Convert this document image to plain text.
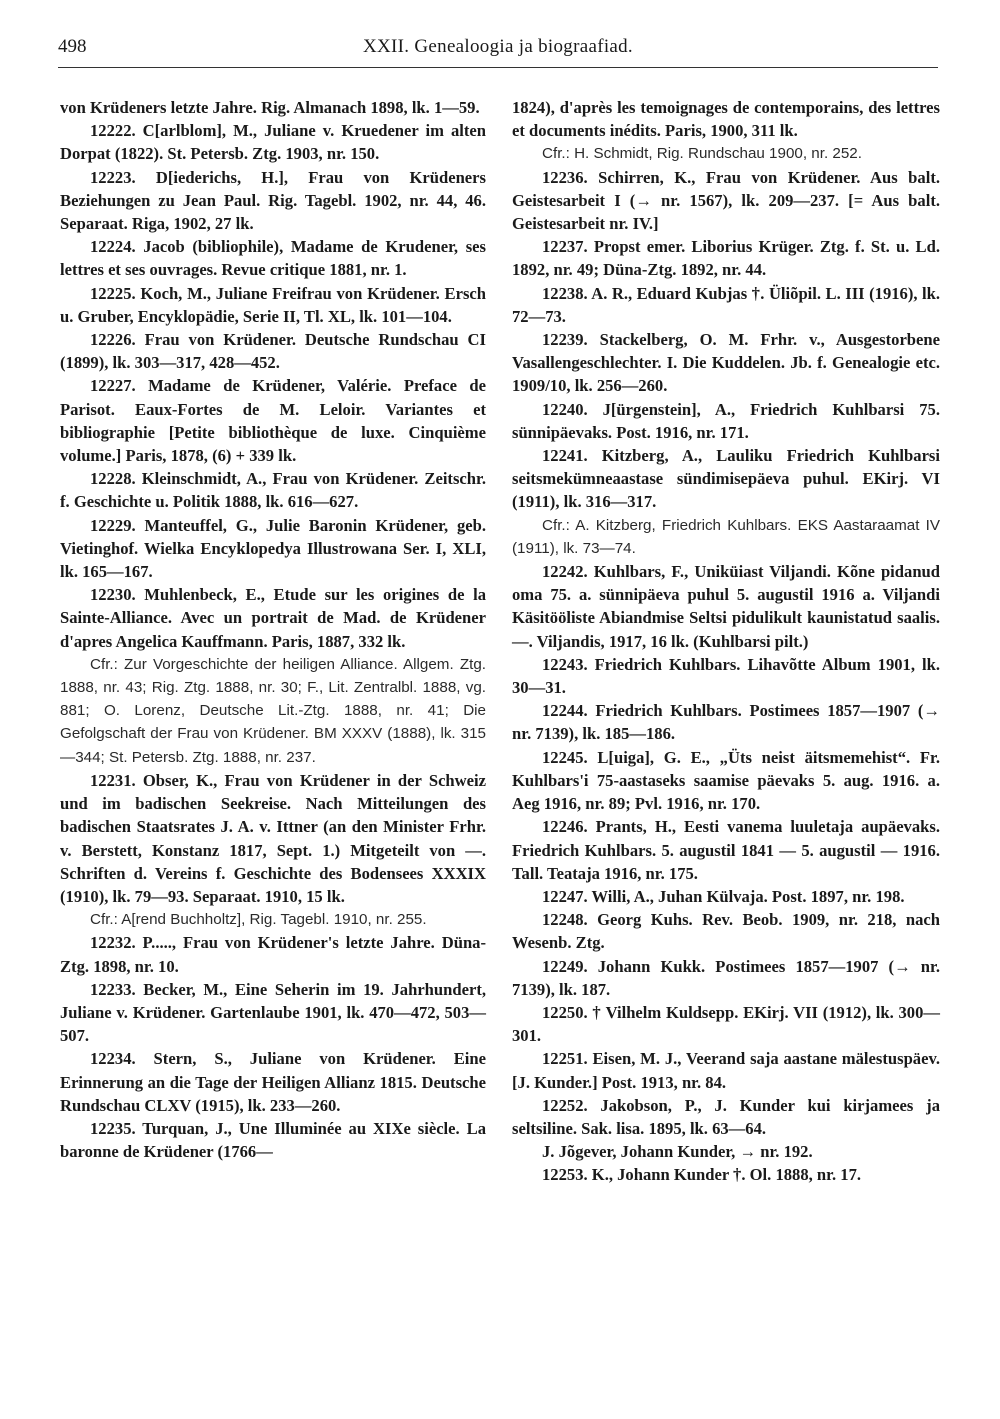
498	XXII. Genealoogia ja biograafiad.

von Krüdeners letzte Jahre. Rig. Almanach 1898, lk. 1—59.

12222. C[arlblom], M., Juliane v. Kruedener im alten Dorpat (1822). St. Petersb. Ztg. 1903, nr. 150.

12223. D[iederichs, H.], Frau von Krüdeners Beziehungen zu Jean Paul. Rig. Tagebl. 1902, nr. 44, 46. Separaat. Riga, 1902, 27 lk.

12224. Jacob (bibliophile), Madame de Krudener, ses lettres et ses ouvrages. Revue critique 1881, nr. 1.

12225. Koch, M., Juliane Freifrau von Krüdener. Ersch u. Gruber, Encyklopädie, Serie II, Tl. XL, lk. 101—104.

12226. Frau von Krüdener. Deutsche Rundschau CI (1899), lk. 303—317, 428—452.

12227. Madame de Krüdener, Valérie. Preface de Parisot. Eaux-Fortes de M. Leloir. Variantes et bibliographie [Petite bibliothèque de luxe. Cinquième volume.] Paris, 1878, (6) + 339 lk.

12228. Kleinschmidt, A., Frau von Krüdener. Zeitschr. f. Geschichte u. Politik 1888, lk. 616—627.

12229. Manteuffel, G., Julie Baronin Krüdener, geb. Vietinghof. Wielka Encyklopedya Illustrowana Ser. I, XLI, lk. 165—167.

12230. Muhlenbeck, E., Etude sur les origines de la Sainte-Alliance. Avec un portrait de Mad. de Krüdener d'apres Angelica Kauffmann. Paris, 1887, 332 lk.

Cfr.: Zur Vorgeschichte der heiligen Alliance. Allgem. Ztg. 1888, nr. 43; Rig. Ztg. 1888, nr. 30; F., Lit. Zentralbl. 1888, vg. 881; O. Lorenz, Deutsche Lit.-Ztg. 1888, nr. 41; Die Gefolgschaft der Frau von Krüdener. BM XXXV (1888), lk. 315—344; St. Petersb. Ztg. 1888, nr. 237.

12231. Obser, K., Frau von Krüdener in der Schweiz und im badischen Seekreise. Nach Mitteilungen des badischen Staatsrates J. A. v. Ittner (an den Minister Frhr. v. Berstett, Konstanz 1817, Sept. 1.) Mitgeteilt von —. Schriften d. Vereins f. Geschichte des Bodensees XXXIX (1910), lk. 79—93. Separaat. 1910, 15 lk.

Cfr.: A[rend Buchholtz], Rig. Tagebl. 1910, nr. 255.

12232. P....., Frau von Krüdener's letzte Jahre. Düna-Ztg. 1898, nr. 10.

12233. Becker, M., Eine Seherin im 19. Jahrhundert, Juliane v. Krüdener. Gartenlaube 1901, lk. 470—472, 503—507.

12234. Stern, S., Juliane von Krüdener. Eine Erinnerung an die Tage der Heiligen Allianz 1815. Deutsche Rundschau CLXV (1915), lk. 233—260.

12235. Turquan, J., Une Illuminée au XIXe siècle. La baronne de Krüdener (1766—

1824), d'après les temoignages de contemporains, des lettres et documents inédits. Paris, 1900, 311 lk.

Cfr.: H. Schmidt, Rig. Rundschau 1900, nr. 252.

12236. Schirren, K., Frau von Krüdener. Aus balt. Geistesarbeit I (→ nr. 1567), lk. 209—237. [= Aus balt. Geistesarbeit nr. IV.]

12237. Propst emer. Liborius Krüger. Ztg. f. St. u. Ld. 1892, nr. 49; Düna-Ztg. 1892, nr. 44.

12238. A. R., Eduard Kubjas †. Üliõpil. L. III (1916), lk. 72—73.

12239. Stackelberg, O. M. Frhr. v., Ausgestorbene Vasallengeschlechter. I. Die Kuddelen. Jb. f. Genealogie etc. 1909/10, lk. 256—260.

12240. J[ürgenstein], A., Friedrich Kuhlbarsi 75. sünnipäevaks. Post. 1916, nr. 171.

12241. Kitzberg, A., Lauliku Friedrich Kuhlbarsi seitsmekümneaastase sündimisepäeva puhul. EKirj. VI (1911), lk. 316—317.

Cfr.: A. Kitzberg, Friedrich Kuhlbars. EKS Aastaraamat IV (1911), lk. 73—74.

12242. Kuhlbars, F., Uniküiast Viljandi. Kõne pidanud oma 75. a. sünnipäeva puhul 5. augustil 1916 a. Viljandi Käsitööliste Abiandmise Seltsi pidulikult kaunistatud saalis. —. Viljandis, 1917, 16 lk. (Kuhlbarsi pilt.)

12243. Friedrich Kuhlbars. Lihavõtte Album 1901, lk. 30—31.

12244. Friedrich Kuhlbars. Postimees 1857—1907 (→ nr. 7139), lk. 185—186.

12245. L[uiga], G. E., „Üts neist äitsmemehist“. Fr. Kuhlbars'i 75-aastaseks saamise päevaks 5. aug. 1916. a. Aeg 1916, nr. 89; Pvl. 1916, nr. 170.

12246. Prants, H., Eesti vanema luuletaja aupäevaks. Friedrich Kuhlbars. 5. augustil 1841 — 5. augustil — 1916. Tall. Teataja 1916, nr. 175.

12247. Willi, A., Juhan Külvaja. Post. 1897, nr. 198.

12248. Georg Kuhs. Rev. Beob. 1909, nr. 218, nach Wesenb. Ztg.

12249. Johann Kukk. Postimees 1857—1907 (→ nr. 7139), lk. 187.

12250. † Vilhelm Kuldsepp. EKirj. VII (1912), lk. 300—301.

12251. Eisen, M. J., Veerand saja aastane mälestuspäev. [J. Kunder.] Post. 1913, nr. 84.

12252. Jakobson, P., J. Kunder kui kirjamees ja seltsiline. Sak. lisa. 1895, lk. 63—64.

J. Jõgever, Johann Kunder, → nr. 192.

12253. K., Johann Kunder †. Ol. 1888, nr. 17.
